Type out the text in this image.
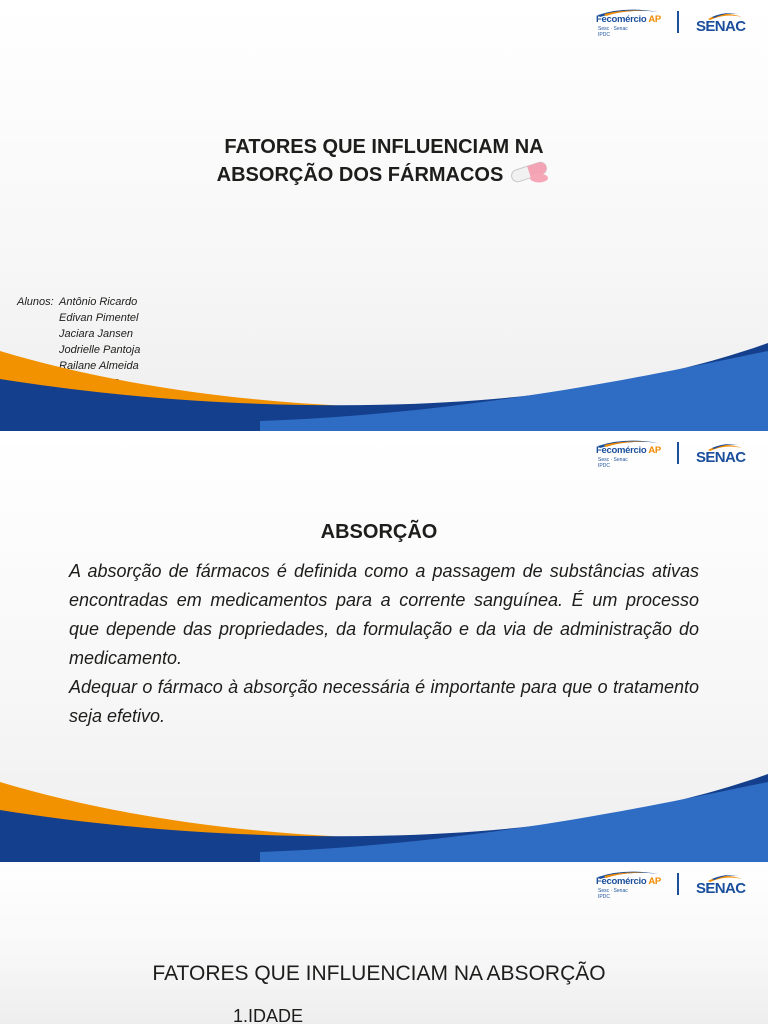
Fecomércio AP
Sesc · Senac
IPDC	SENAC
FATORES QUE INFLUENCIAM NA
ABSORÇÃO DOS FÁRMACOS
Alunos: Antônio Ricardo
Edivan Pimentel
Jaciara Jansen
Jodrielle Pantoja
Railane Almeida
Fecomércio AP
Sesc · Senac
IPDC	SENAC
ABSORÇÃO

A absorção de fármacos é definida como a passagem de substâncias ativas encontradas em medicamentos para a corrente sanguínea. É um processo que depende das propriedades, da formulação e da via de administração do medicamento.

Adequar o fármaco à absorção necessária é importante para que o tratamento seja efetivo.

Fecomércio AP
Sesc · Senac
IPDC	SENAC
FATORES QUE INFLUENCIAM NA ABSORÇÃO
1.IDADE
